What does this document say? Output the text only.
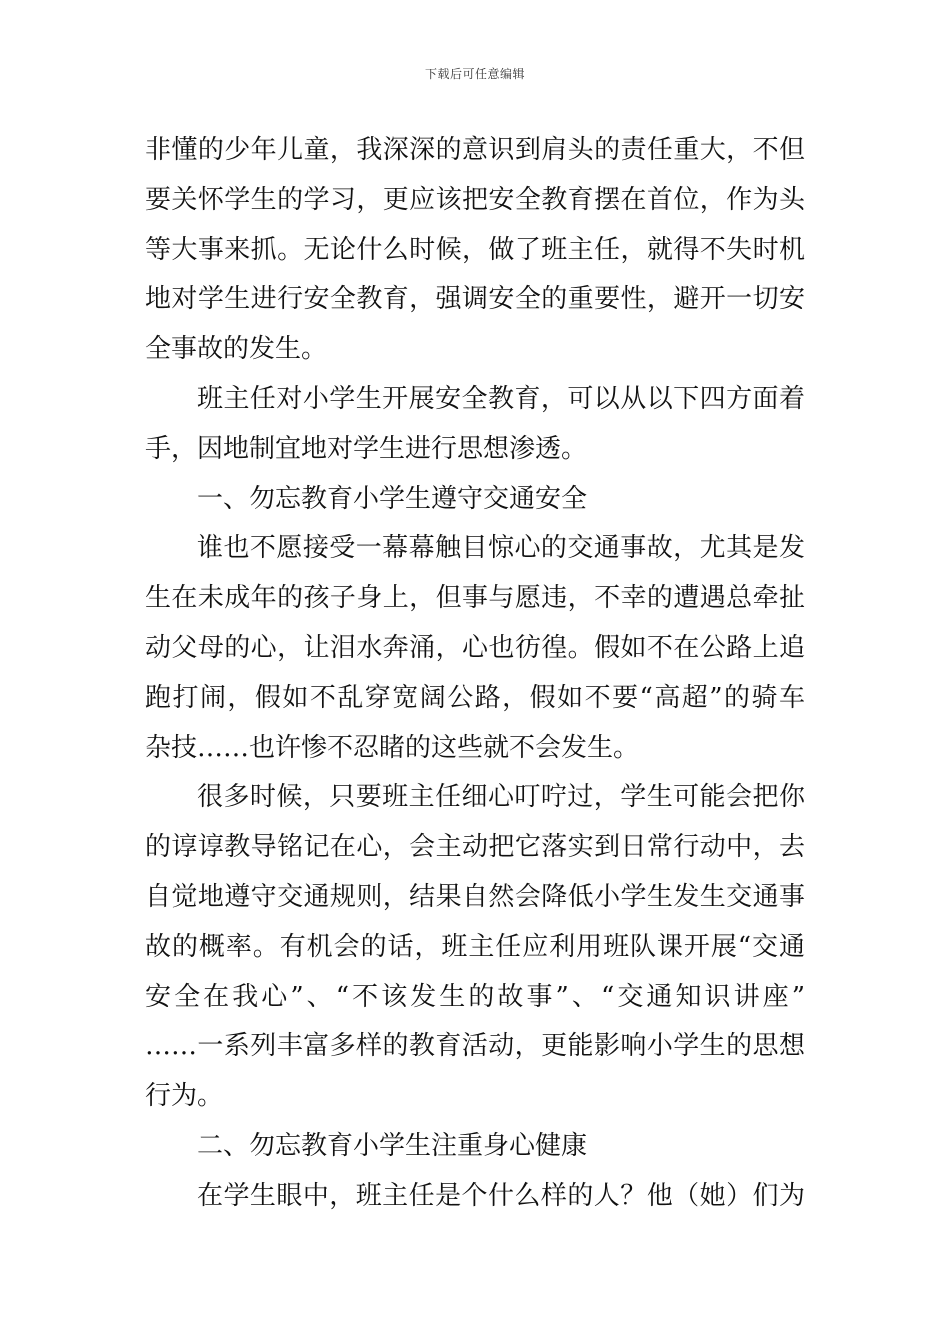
下载后可任意编辑
非懂的少年儿童，我深深的意识到肩头的责任重大，不但
要关怀学生的学习，更应该把安全教育摆在首位，作为头
等大事来抓。无论什么时候，做了班主任，就得不失时机
地对学生进行安全教育，强调安全的重要性，避开一切安
全事故的发生。
班主任对小学生开展安全教育，可以从以下四方面着
手，因地制宜地对学生进行思想渗透。
一、勿忘教育小学生遵守交通安全
谁也不愿接受一幕幕触目惊心的交通事故，尤其是发
生在未成年的孩子身上，但事与愿违，不幸的遭遇总牵扯
动父母的心，让泪水奔涌，心也彷徨。假如不在公路上追
跑打闹，假如不乱穿宽阔公路，假如不要“高超”的骑车
杂技……也许惨不忍睹的这些就不会发生。
很多时候，只要班主任细心叮咛过，学生可能会把你
的谆谆教导铭记在心，会主动把它落实到日常行动中，去
自觉地遵守交通规则，结果自然会降低小学生发生交通事
故的概率。有机会的话，班主任应利用班队课开展“交通
安全在我心”、“不该发生的故事”、“交通知识讲座”
……一系列丰富多样的教育活动，更能影响小学生的思想
行为。
二、勿忘教育小学生注重身心健康
在学生眼中，班主任是个什么样的人？他（她）们为
